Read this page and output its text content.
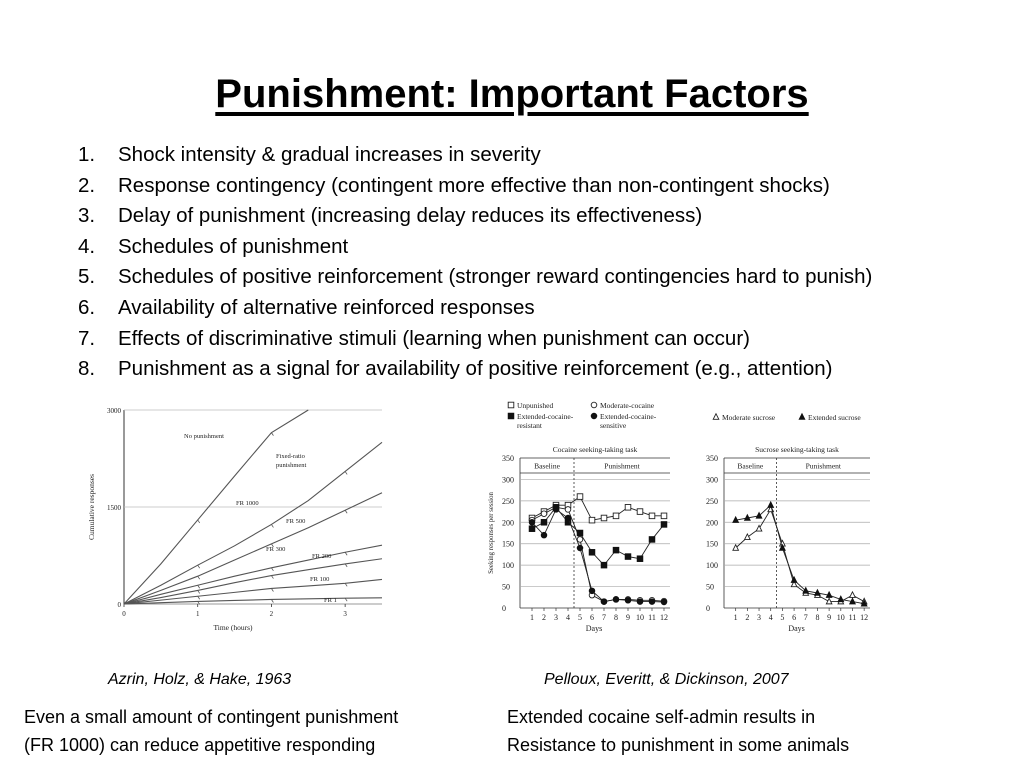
Punishment: Important Factors
1. Shock intensity & gradual increases in severity
2. Response contingency (contingent more effective than non-contingent shocks)
3. Delay of punishment (increasing delay reduces its effectiveness)
4. Schedules of punishment
5. Schedules of positive reinforcement (stronger reward contingencies hard to punish)
6. Availability of alternative reinforced responses
7. Effects of discriminative stimuli (learning when punishment can occur)
8. Punishment as a signal for availability of positive reinforcement (e.g., attention)
0
1500
3000
0	1	2	3
Time (hours)
Cumulative responses
No punishment
Fixed-ratio punishment
FR 1000
FR 500
FR 300
FR 200
FR 100
FR 1
Unpunished
Extended-cocaine-resistant
Moderate-cocaine
Extended-cocaine-sensitive
Cocaine seeking-taking task
0
50
100
150
200
250
300
350
1 2 3 4 5 6 7 8 9 10 11 12
Days
Seeking responses per session
Baseline	Punishment
Moderate sucrose	Extended sucrose
Sucrose seeking-taking task
0
50
100
150
200
250
300
350
1 2 3 4 5 6 7 8 9 10 11 12
Days
Baseline	Punishment
Azrin, Holz, & Hake, 1963	Pelloux, Everitt, & Dickinson, 2007
Even a small amount of contingent punishment
(FR 1000) can reduce appetitive responding
Extended cocaine self-admin results in
Resistance to punishment in some animals
